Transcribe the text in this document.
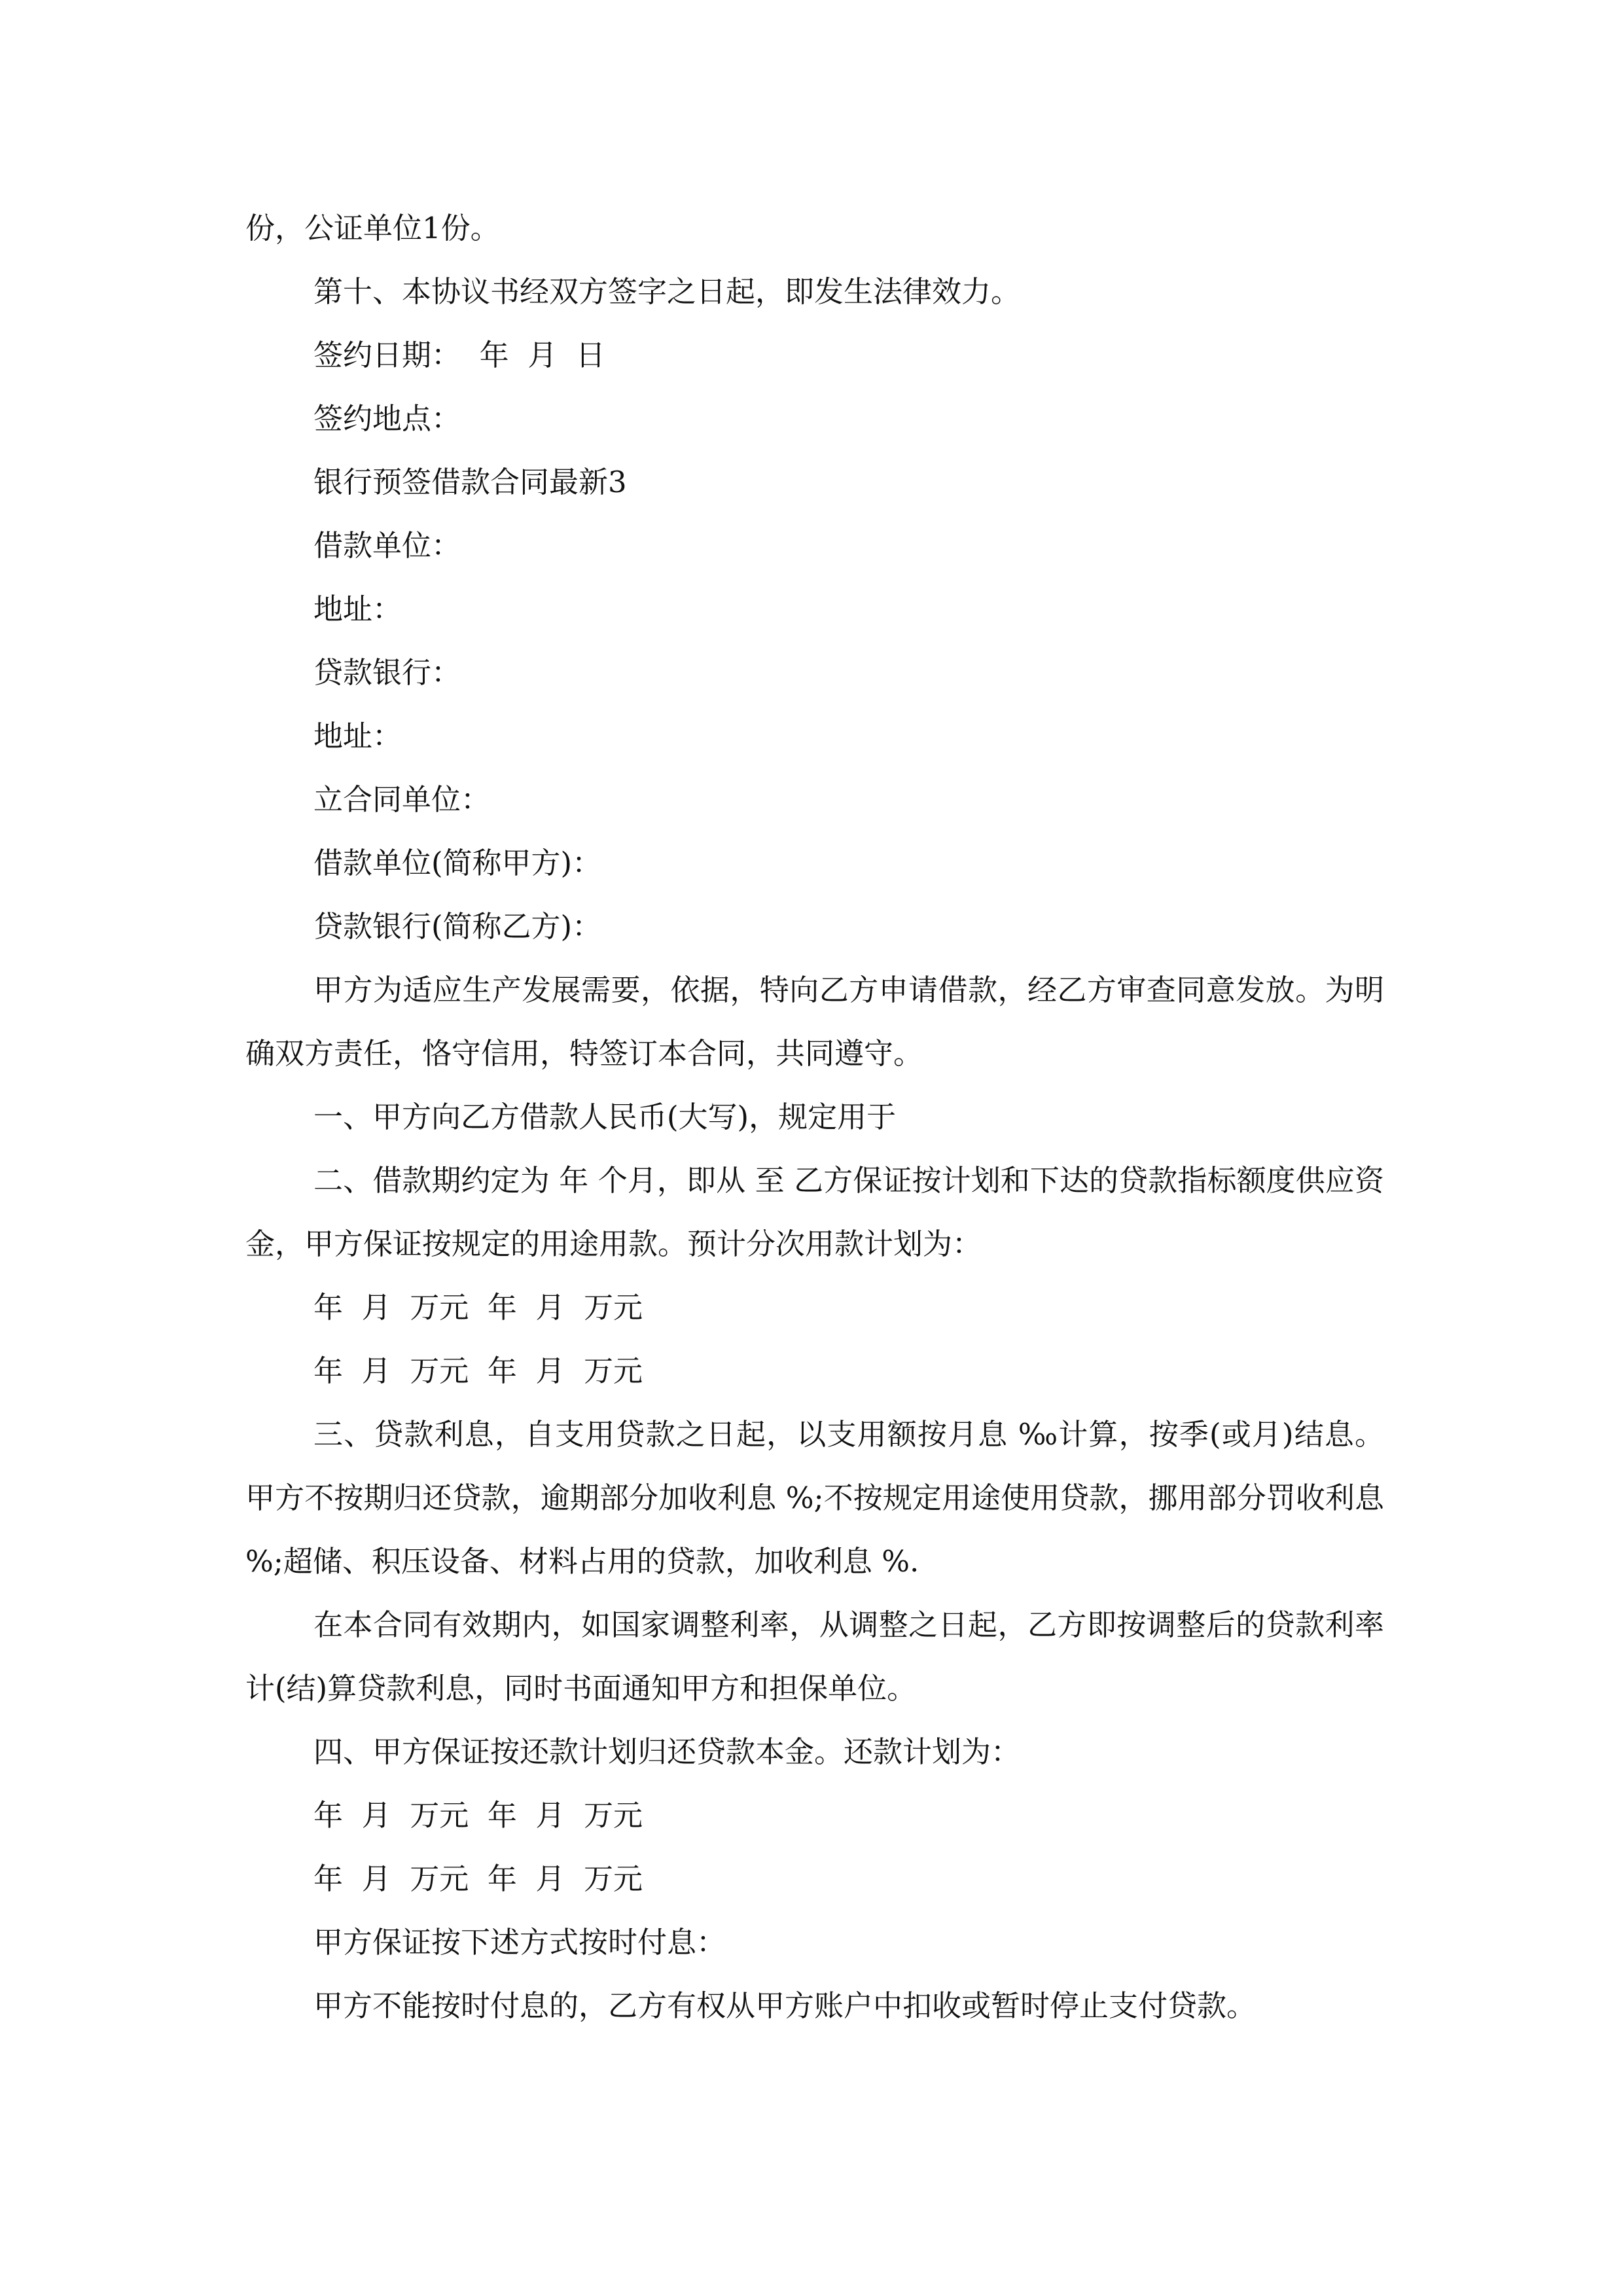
份，公证单位1份。

第十、本协议书经双方签字之日起，即发生法律效力。

签约日期：  年  月  日

签约地点：

银行预签借款合同最新3

借款单位：

地址：

贷款银行：

地址：

立合同单位：

借款单位(简称甲方)：

贷款银行(简称乙方)：

甲方为适应生产发展需要，依据，特向乙方申请借款，经乙方审查同意发放。为明确双方责任，恪守信用，特签订本合同，共同遵守。

一、甲方向乙方借款人民币(大写)，规定用于

二、借款期约定为 年 个月，即从 至 乙方保证按计划和下达的贷款指标额度供应资金，甲方保证按规定的用途用款。预计分次用款计划为：

年  月  万元  年  月  万元

年  月  万元  年  月  万元

三、贷款利息，自支用贷款之日起，以支用额按月息 ‰计算，按季(或月)结息。甲方不按期归还贷款，逾期部分加收利息 %;不按规定用途使用贷款，挪用部分罚收利息 %;超储、积压设备、材料占用的贷款，加收利息 %.

在本合同有效期内，如国家调整利率，从调整之日起，乙方即按调整后的贷款利率计(结)算贷款利息，同时书面通知甲方和担保单位。

四、甲方保证按还款计划归还贷款本金。还款计划为：

年  月  万元  年  月  万元

年  月  万元  年  月  万元

甲方保证按下述方式按时付息：

甲方不能按时付息的，乙方有权从甲方账户中扣收或暂时停止支付贷款。
